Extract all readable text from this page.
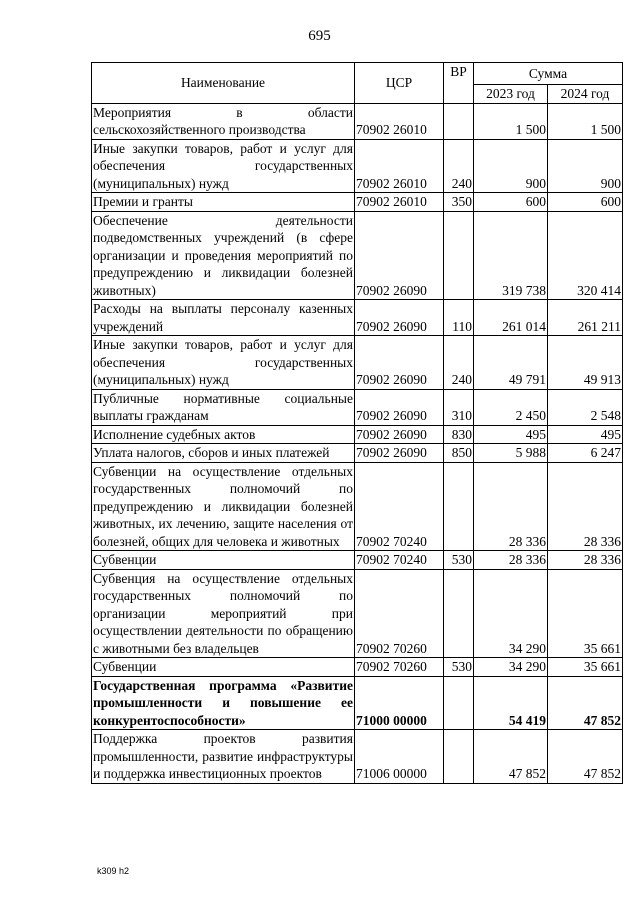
695
Наименование	ЦСР	ВР	Сумма	
			2023 год	2024 год
Мероприятия в области сельскохозяйственного производства	70902 26010		1 500	1 500
Иные закупки товаров, работ и услуг для обеспечения государственных (муниципальных) нужд	70902 26010	240	900	900
Премии и гранты	70902 26010	350	600	600
Обеспечение деятельности подведомственных учреждений (в сфере организации и проведения мероприятий по предупреждению и ликвидации болезней животных)	70902 26090		319 738	320 414
Расходы на выплаты персоналу казенных учреждений	70902 26090	110	261 014	261 211
Иные закупки товаров, работ и услуг для обеспечения государственных (муниципальных) нужд	70902 26090	240	49 791	49 913
Публичные нормативные социальные выплаты гражданам	70902 26090	310	2 450	2 548
Исполнение судебных актов	70902 26090	830	495	495
Уплата налогов, сборов и иных платежей	70902 26090	850	5 988	6 247
Субвенции на осуществление отдельных государственных полномочий по предупреждению и ликвидации болезней животных, их лечению, защите населения от болезней, общих для человека и животных	70902 70240		28 336	28 336
Субвенции	70902 70240	530	28 336	28 336
Субвенция на осуществление отдельных государственных полномочий по организации мероприятий при осуществлении деятельности по обращению с животными без владельцев	70902 70260		34 290	35 661
Субвенции	70902 70260	530	34 290	35 661
Государственная программа «Развитие промышленности и повышение ее конкурентоспособности»	71000 00000		54 419	47 852
Поддержка проектов развития промышленности, развитие инфраструктуры и поддержка инвестиционных проектов	71006 00000		47 852	47 852
k309 h2
